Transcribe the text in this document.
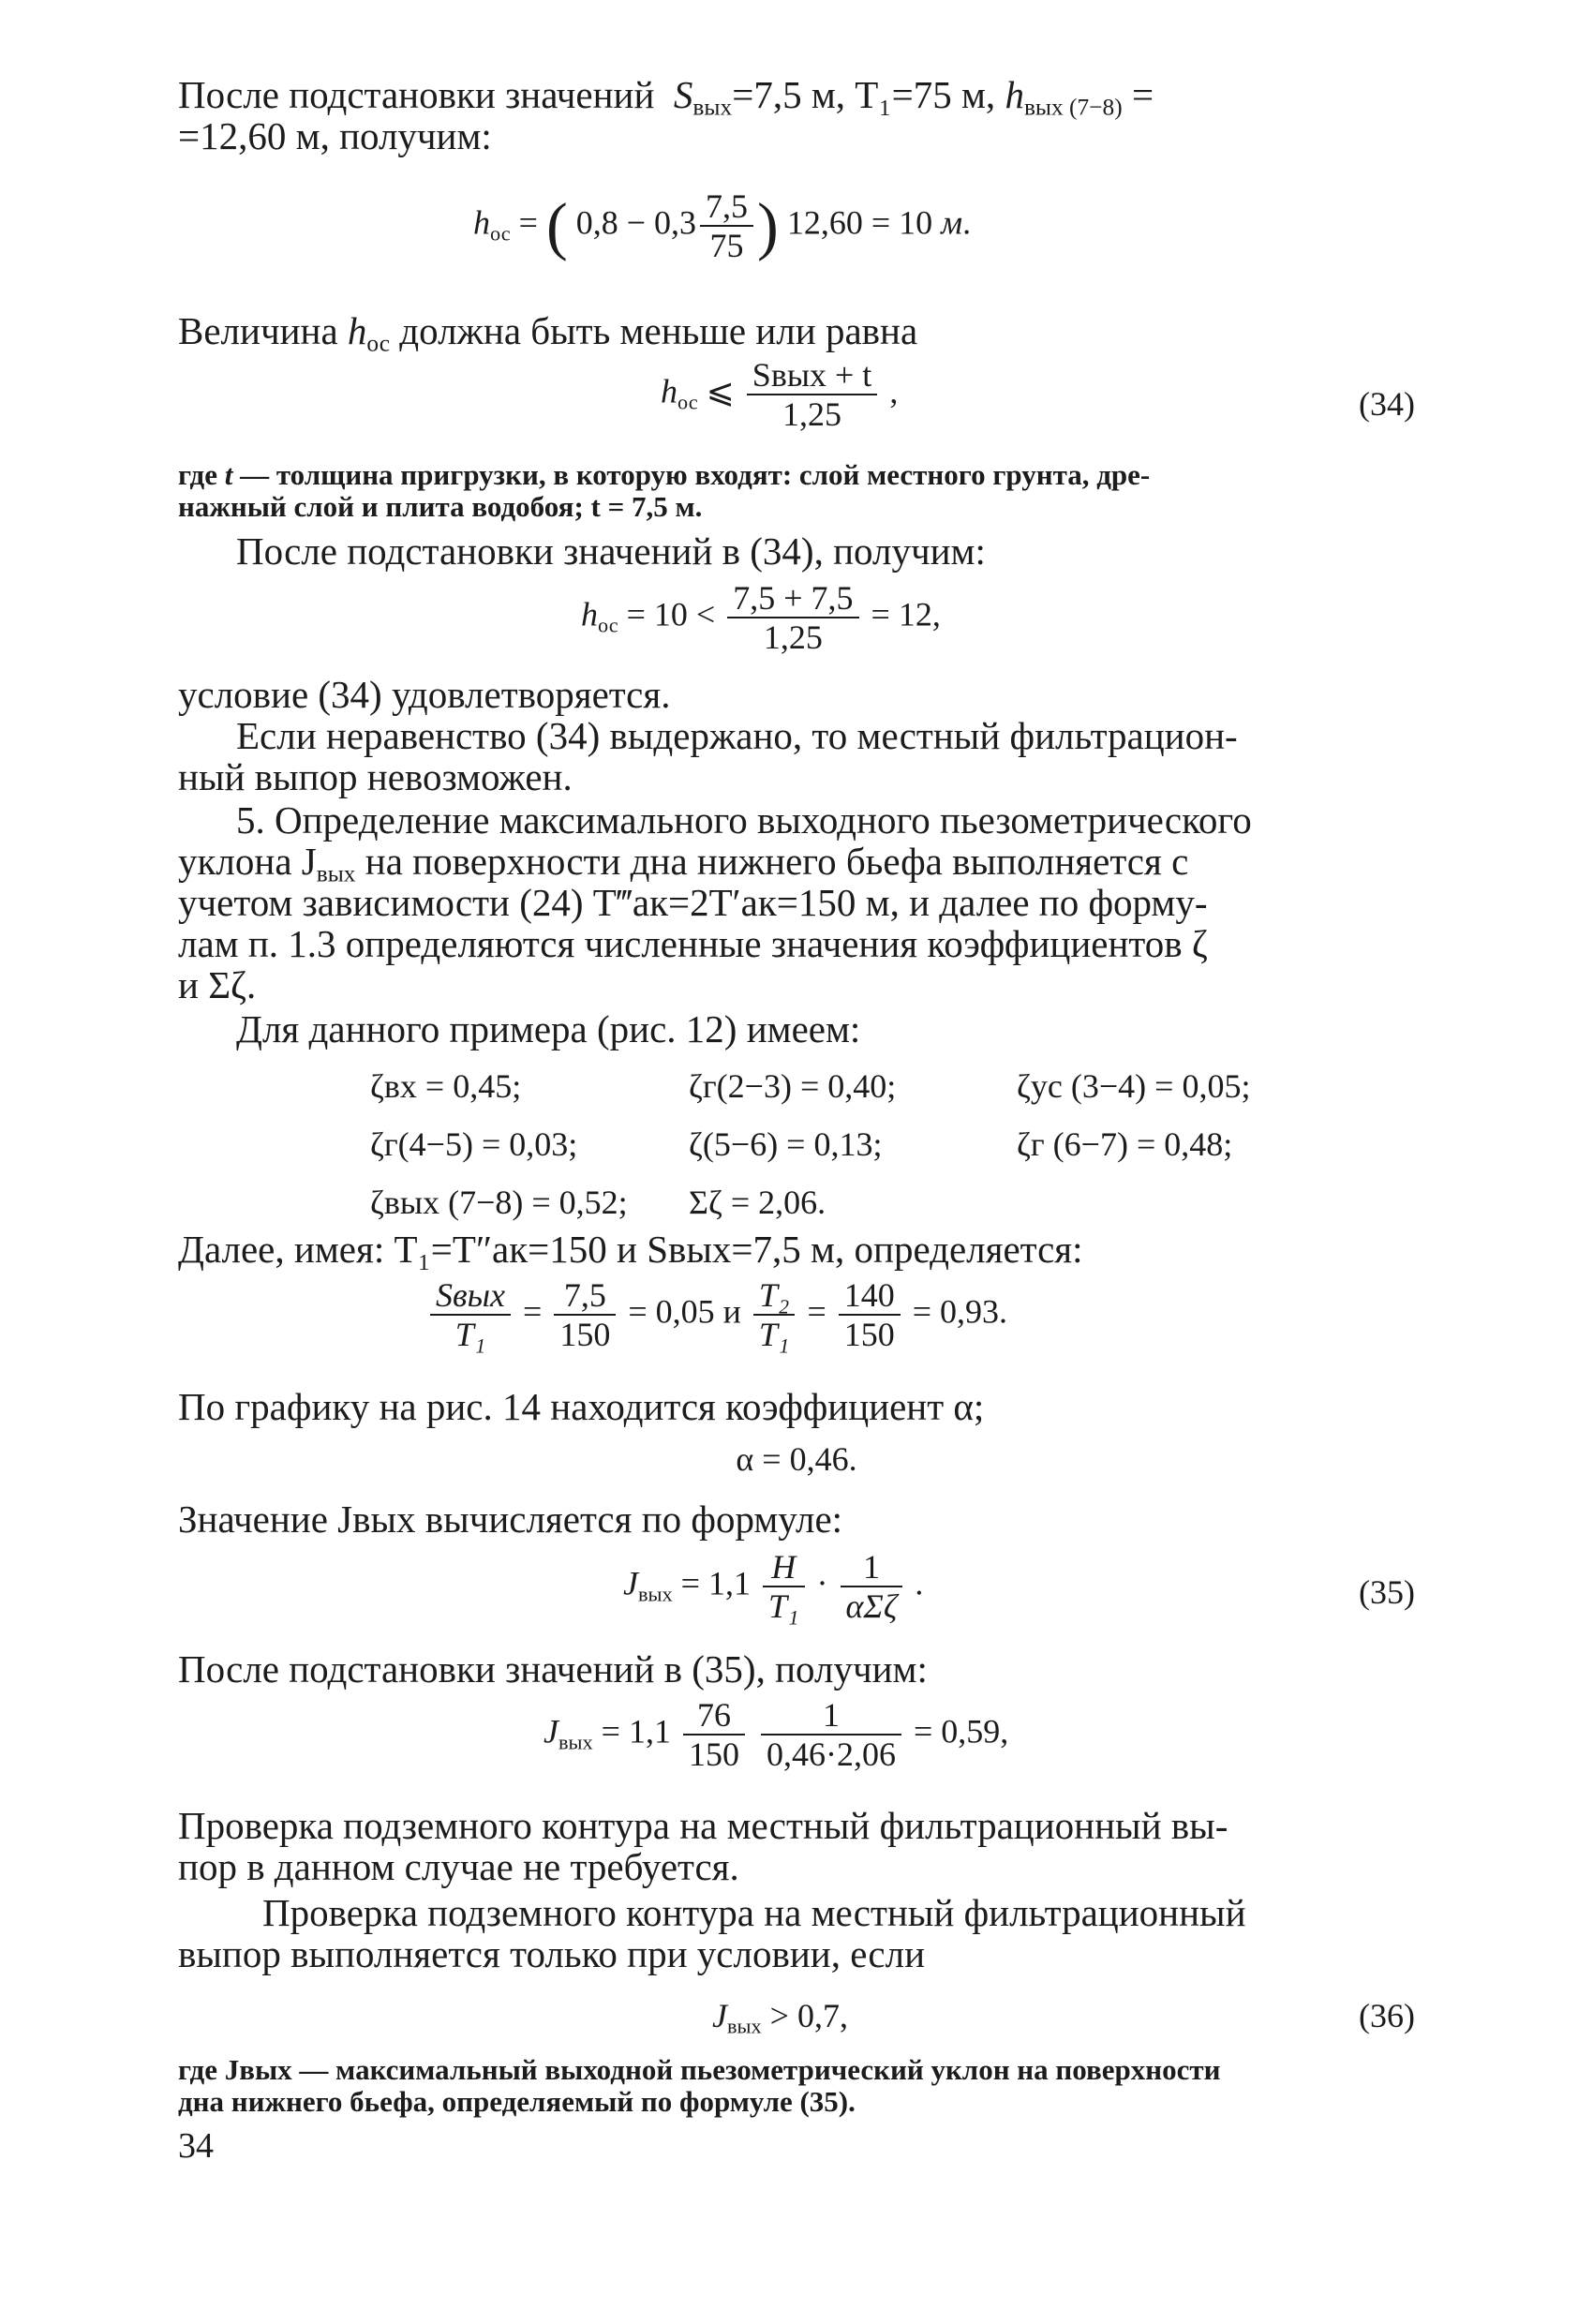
После подстановки значений $S_{вых}=7,5$ м, T₁=75 м, $h_{вых (7-8)}$ =
=12,60 м, получим:
$h_{ос}$ = ( $0,8 - 0,3 \frac{7,5}{75}$ ) 12,60 = 10 м.
Величина $h_{ос}$ должна быть меньше или равна
$h_{ос}$ ⩽ $\frac{\text{Sвых + t}}{1,25}$ ,	(34)
где t — толщина пригрузки, в которую входят: слой местного грунта, дре-
нажный слой и плита водобоя; t = 7,5 м.
После подстановки значений в (34), получим:
$h_{ос} = 10 < \frac{7,5 + 7,5}{1,25} = 12$,
условие (34) удовлетворяется.
Если неравенство (34) выдержано, то местный фильтрацион-
ный выпор невозможен.
5. Определение максимального выходного пьезометрического
уклона $J_{вых}$ на поверхности дна нижнего бьефа выполняется с
учетом зависимости (24) T‴ак=2T′ак=150 м, и далее по форму-
лам п. 1.3 определяются численные значения коэффициентов ζ
и Σζ.
Для данного примера (рис. 12) имеем:
ζвх = 0,45;	ζг(2−3) = 0,40;	ζус (3−4) = 0,05;
ζг(4−5) = 0,03;	ζ(5−6) = 0,13;	ζг (6−7) = 0,48;
ζвых (7−8) = 0,52;	Σζ = 2,06.
Далее, имея: T₁=T″ак=150 и Sвых=7,5 м, определяется:
$\frac{\text{Sвых}}{\text{T₁}} = \frac{7,5}{150} = 0,05$ и $\frac{\text{T₂}}{\text{T₁}} = \frac{140}{150} = 0,93$.
По графику на рис. 14 находится коэффициент α;
α = 0,46.
Значение Jвых вычисляется по формуле:
$J_{вых} = 1,1 \frac{H}{\text{T₁}} \cdot \frac{1}{\text{αΣζ}}$ .	(35)
После подстановки значений в (35), получим:
$J_{вых} = 1,1 \frac{76}{150}$
$\frac{1}{0,46\cdot 2,06} = 0,59$,
Проверка подземного контура на местный фильтрационный вы-
пор в данном случае не требуется.
Проверка подземного контура на местный фильтрационный
выпор выполняется только при условии, если
$J_{вых} > 0,7$,	(36)
где Jвых — максимальный выходной пьезометрический уклон на поверхности
дна нижнего бьефа, определяемый по формуле (35).
34
